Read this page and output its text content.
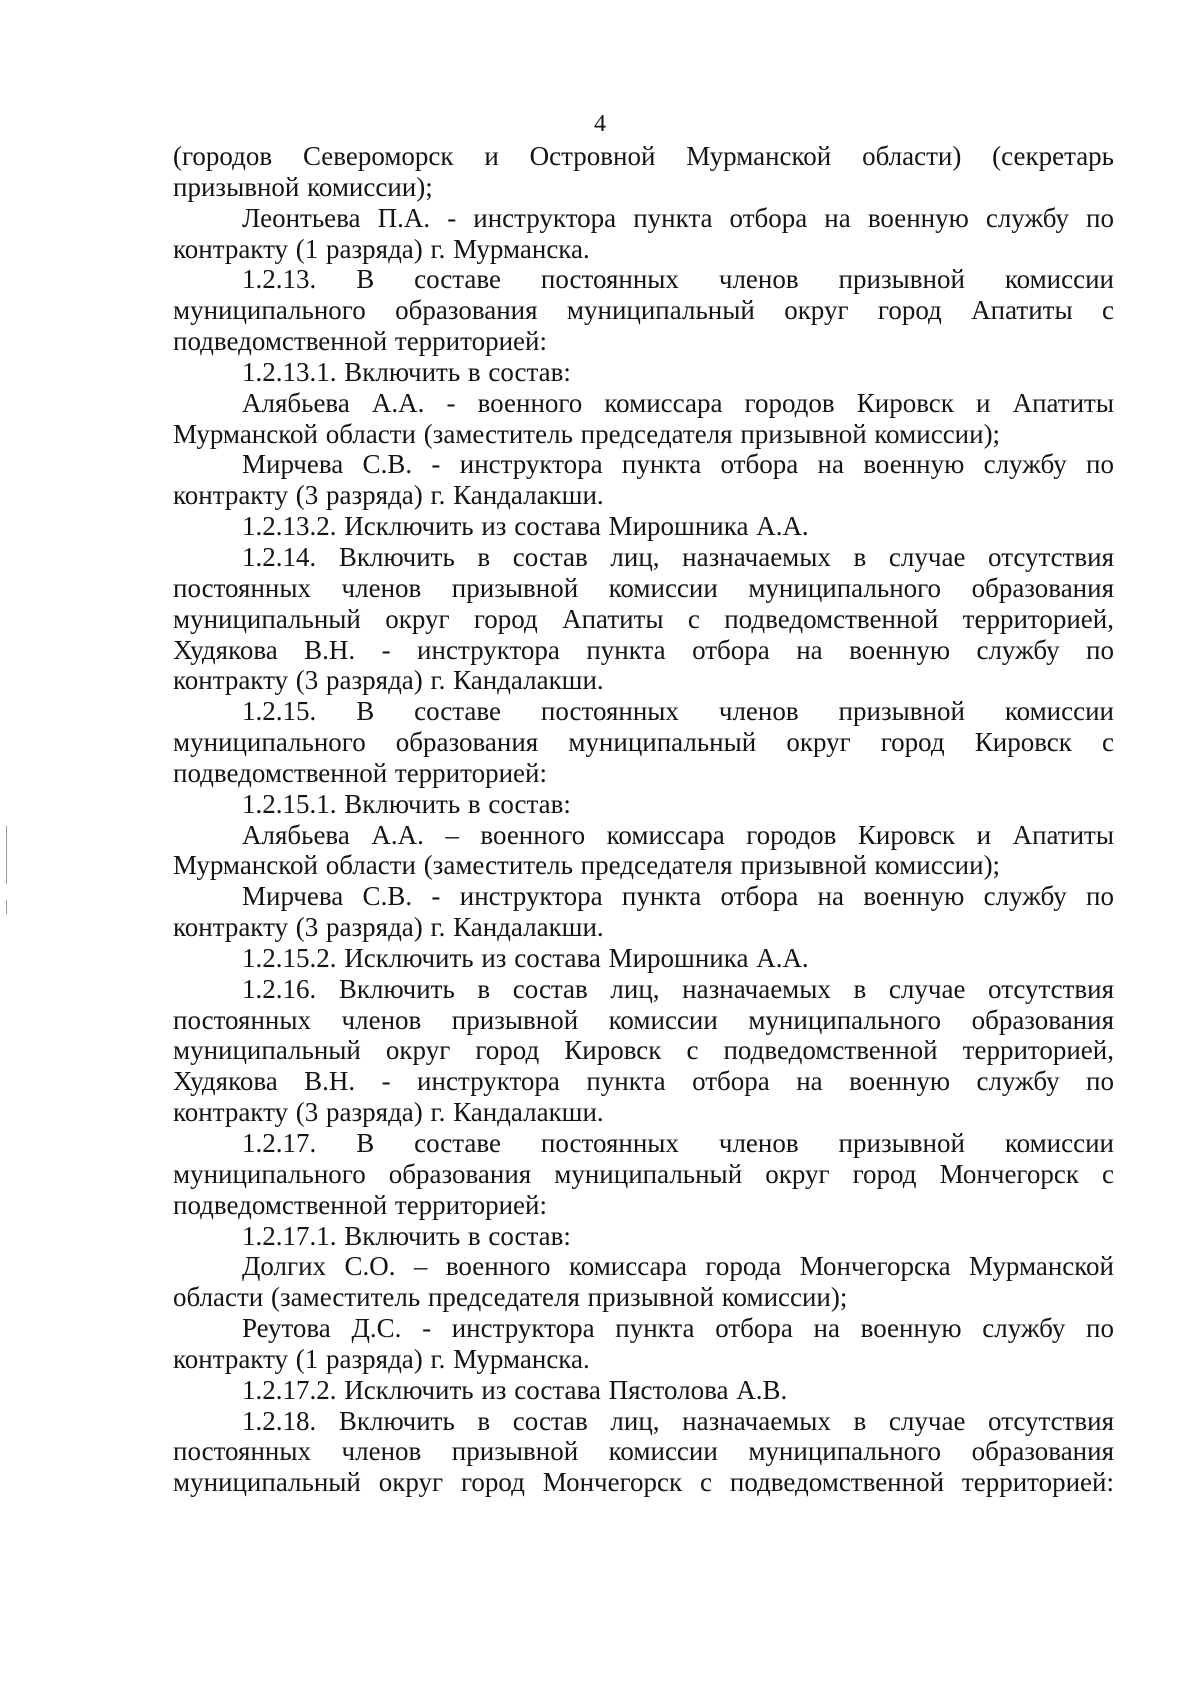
4

(городов Североморск и Островной Мурманской области) (секретарь

призывной комиссии);

Леонтьева П.А. - инструктора пункта отбора на военную службу по

контракту (1 разряда) г. Мурманска.

1.2.13. В составе постоянных членов призывной комиссии

муниципального образования муниципальный округ город Апатиты с

подведомственной территорией:

1.2.13.1. Включить в состав:

Алябьева А.А. - военного комиссара городов Кировск и Апатиты

Мурманской области (заместитель председателя призывной комиссии);

Мирчева С.В. - инструктора пункта отбора на военную службу по

контракту (3 разряда) г. Кандалакши.

1.2.13.2. Исключить из состава Мирошника А.А.

1.2.14. Включить в состав лиц, назначаемых в случае отсутствия

постоянных членов призывной комиссии муниципального образования

муниципальный округ город Апатиты с подведомственной территорией,

Худякова В.Н. - инструктора пункта отбора на военную службу по

контракту (3 разряда) г. Кандалакши.

1.2.15. В составе постоянных членов призывной комиссии

муниципального образования муниципальный округ город Кировск с

подведомственной территорией:

1.2.15.1. Включить в состав:

Алябьева А.А. – военного комиссара городов Кировск и Апатиты

Мурманской области (заместитель председателя призывной комиссии);

Мирчева С.В. - инструктора пункта отбора на военную службу по

контракту (3 разряда) г. Кандалакши.

1.2.15.2. Исключить из состава Мирошника А.А.

1.2.16. Включить в состав лиц, назначаемых в случае отсутствия

постоянных членов призывной комиссии муниципального образования

муниципальный округ город Кировск с подведомственной территорией,

Худякова В.Н. - инструктора пункта отбора на военную службу по

контракту (3 разряда) г. Кандалакши.

1.2.17. В составе постоянных членов призывной комиссии

муниципального образования муниципальный округ город Мончегорск с

подведомственной территорией:

1.2.17.1. Включить в состав:

Долгих С.О. – военного комиссара города Мончегорска Мурманской

области (заместитель председателя призывной комиссии);

Реутова Д.С. - инструктора пункта отбора на военную службу по

контракту (1 разряда) г. Мурманска.

1.2.17.2. Исключить из состава Пястолова А.В.

1.2.18. Включить в состав лиц, назначаемых в случае отсутствия

постоянных членов призывной комиссии муниципального образования

муниципальный округ город Мончегорск с подведомственной территорией:
